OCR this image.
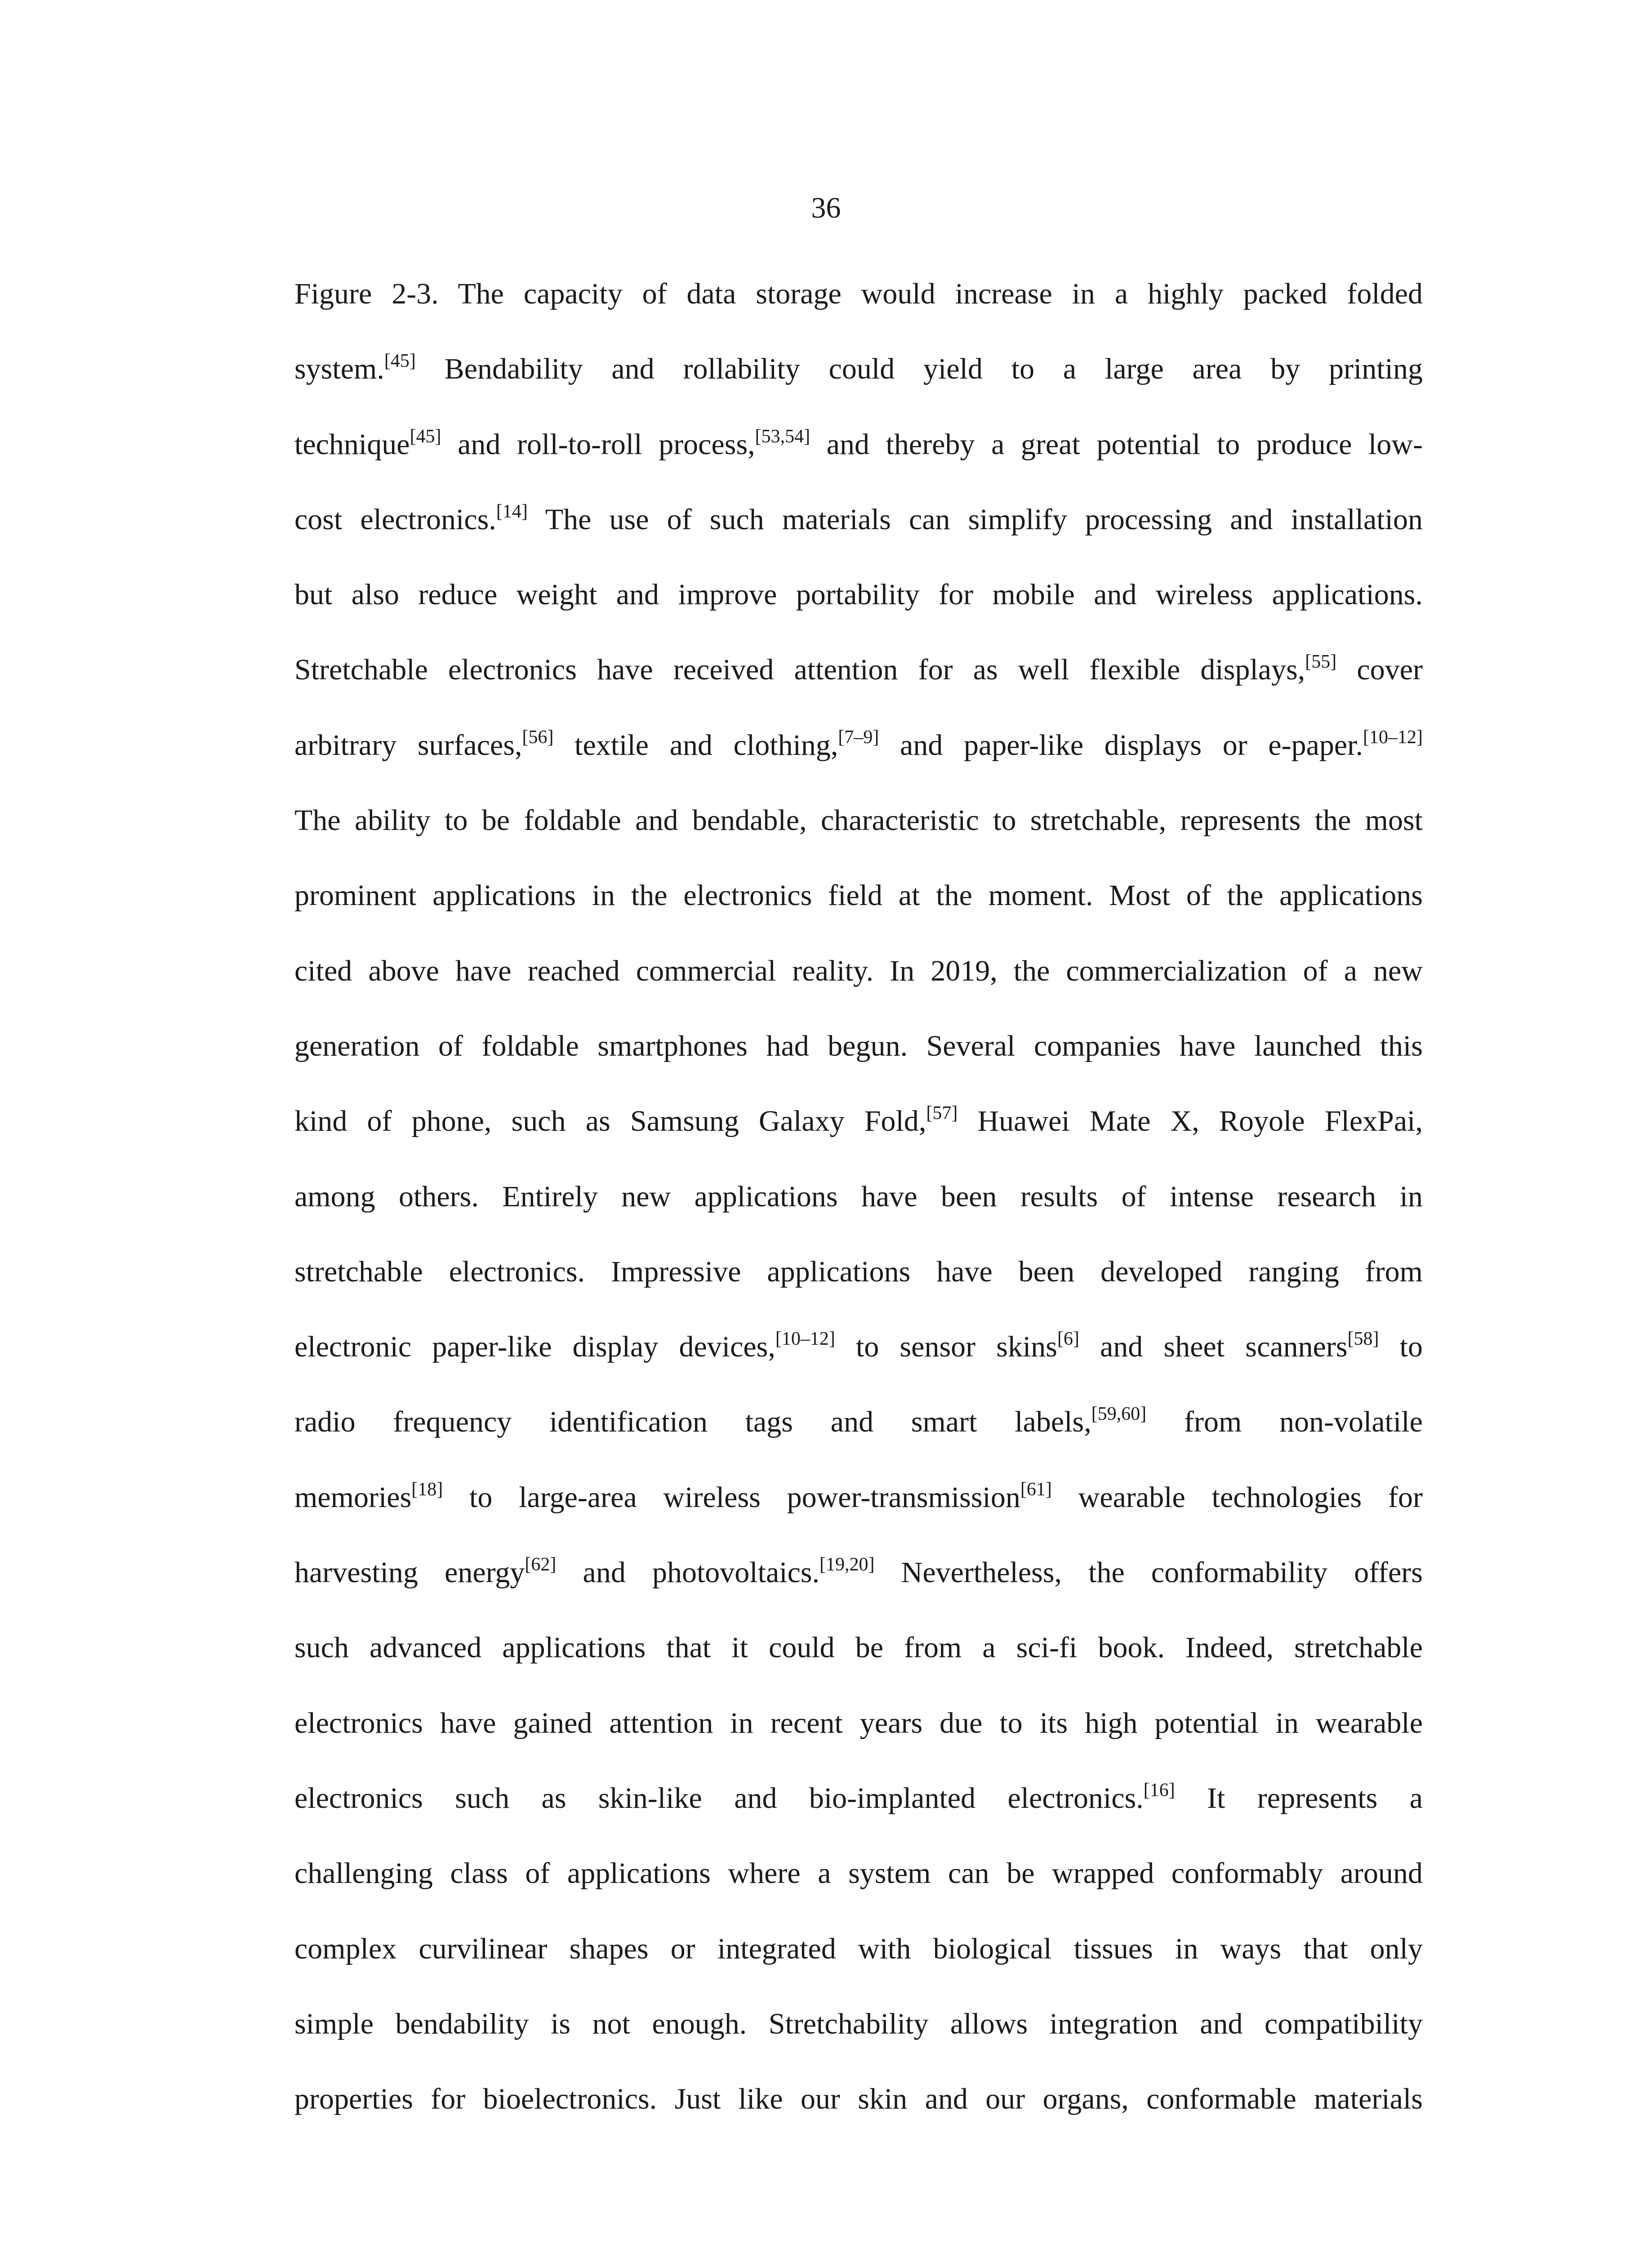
36
Figure 2-3. The capacity of data storage would increase in a highly packed folded
system.[45] Bendability and rollability could yield to a large area by printing
technique[45] and roll-to-roll process,[53,54] and thereby a great potential to produce low-
cost electronics.[14] The use of such materials can simplify processing and installation
but also reduce weight and improve portability for mobile and wireless applications.
Stretchable electronics have received attention for as well flexible displays,[55] cover
arbitrary surfaces,[56] textile and clothing,[7–9] and paper-like displays or e-paper.[10–12]
The ability to be foldable and bendable, characteristic to stretchable, represents the most
prominent applications in the electronics field at the moment. Most of the applications
cited above have reached commercial reality. In 2019, the commercialization of a new
generation of foldable smartphones had begun. Several companies have launched this
kind of phone, such as Samsung Galaxy Fold,[57] Huawei Mate X, Royole FlexPai,
among others. Entirely new applications have been results of intense research in
stretchable electronics. Impressive applications have been developed ranging from
electronic paper-like display devices,[10–12] to sensor skins[6] and sheet scanners[58] to
radio frequency identification tags and smart labels,[59,60] from non-volatile
memories[18] to large-area wireless power-transmission[61] wearable technologies for
harvesting energy[62] and photovoltaics.[19,20] Nevertheless, the conformability offers
such advanced applications that it could be from a sci-fi book. Indeed, stretchable
electronics have gained attention in recent years due to its high potential in wearable
electronics such as skin-like and bio-implanted electronics.[16] It represents a
challenging class of applications where a system can be wrapped conformably around
complex curvilinear shapes or integrated with biological tissues in ways that only
simple bendability is not enough. Stretchability allows integration and compatibility
properties for bioelectronics. Just like our skin and our organs, conformable materials
